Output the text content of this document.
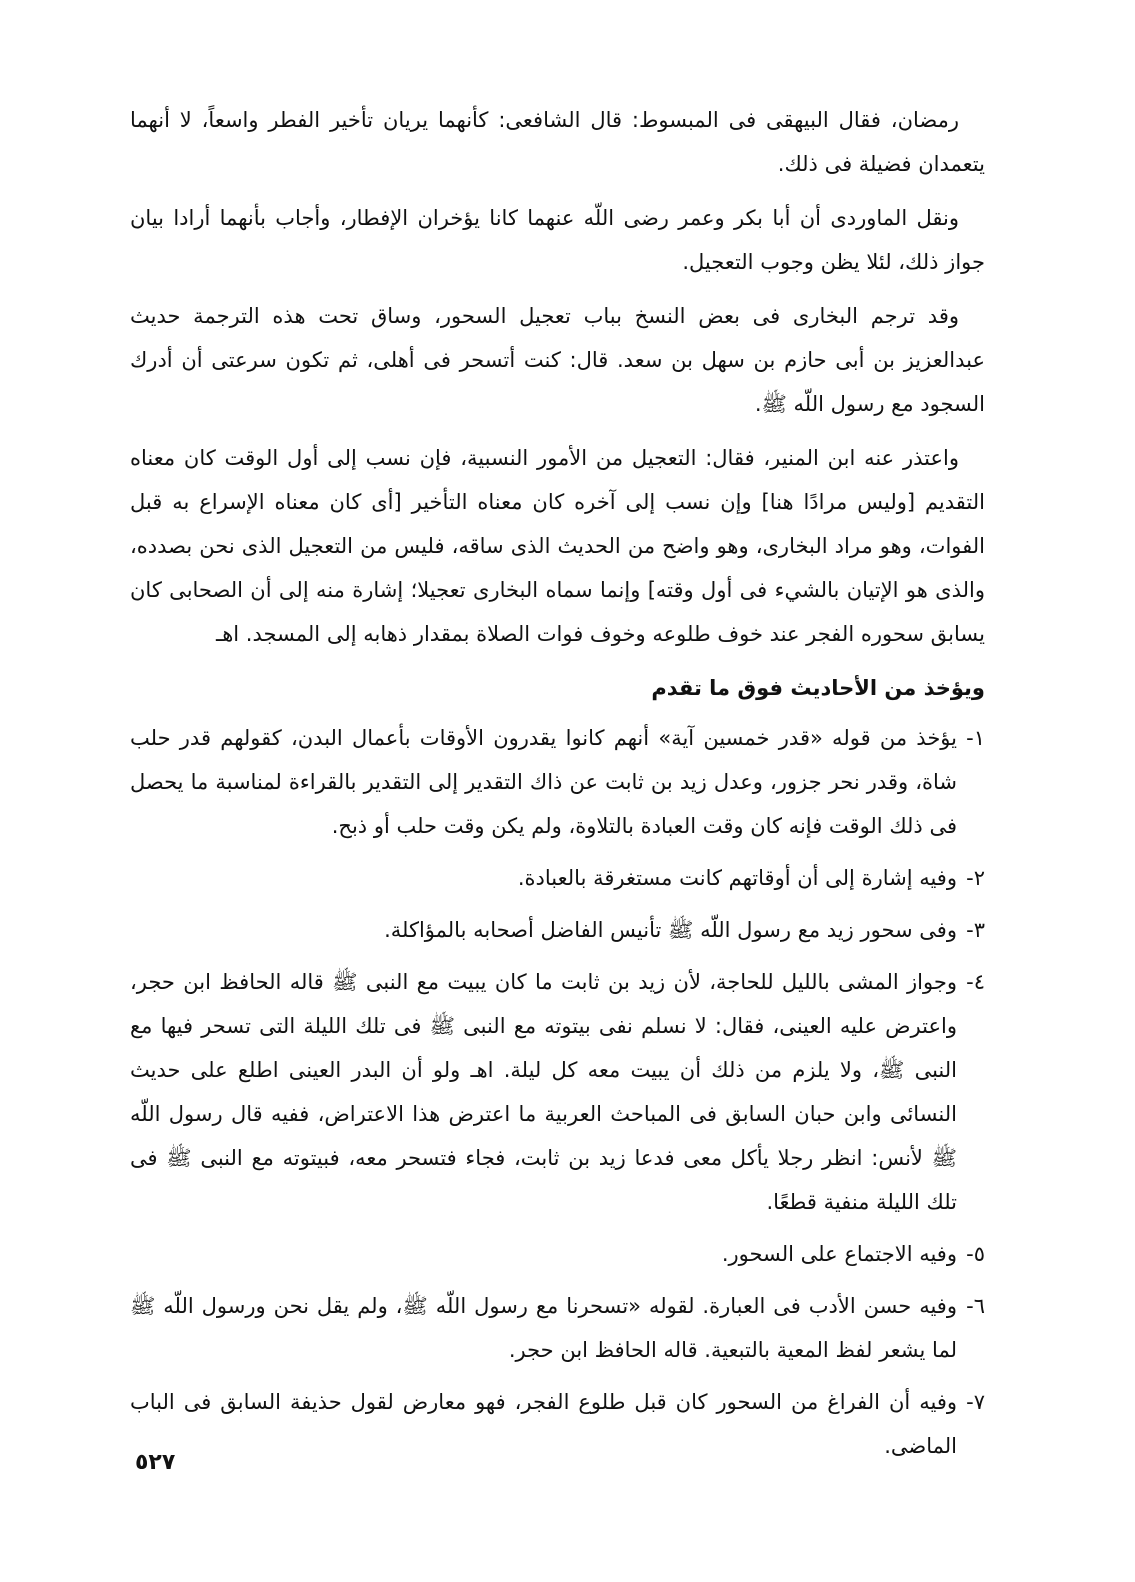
رمضان، فقال البيهقى فى المبسوط: قال الشافعى: كأنهما يريان تأخير الفطر واسعاً، لا أنهما يتعمدان فضيلة فى ذلك.

ونقل الماوردى أن أبا بكر وعمر رضى اللّه عنهما كانا يؤخران الإفطار، وأجاب بأنهما أرادا بيان جواز ذلك، لئلا يظن وجوب التعجيل.

وقد ترجم البخارى فى بعض النسخ بباب تعجيل السحور، وساق تحت هذه الترجمة حديث عبدالعزيز بن أبى حازم بن سهل بن سعد. قال: كنت أتسحر فى أهلى، ثم تكون سرعتى أن أدرك السجود مع رسول اللّه ﷺ.

واعتذر عنه ابن المنير، فقال: التعجيل من الأمور النسبية، فإن نسب إلى أول الوقت كان معناه التقديم [وليس مرادًا هنا] وإن نسب إلى آخره كان معناه التأخير [أى كان معناه الإسراع به قبل الفوات، وهو مراد البخارى، وهو واضح من الحديث الذى ساقه، فليس من التعجيل الذى نحن بصدده، والذى هو الإتيان بالشيء فى أول وقته] وإنما سماه البخارى تعجيلا؛ إشارة منه إلى أن الصحابى كان يسابق سحوره الفجر عند خوف طلوعه وخوف فوات الصلاة بمقدار ذهابه إلى المسجد. اهـ

ويؤخذ من الأحاديث فوق ما تقدم
١-يؤخذ من قوله «قدر خمسين آية» أنهم كانوا يقدرون الأوقات بأعمال البدن، كقولهم قدر حلب شاة، وقدر نحر جزور، وعدل زيد بن ثابت عن ذاك التقدير إلى التقدير بالقراءة لمناسبة ما يحصل فى ذلك الوقت فإنه كان وقت العبادة بالتلاوة، ولم يكن وقت حلب أو ذبح.
٢-وفيه إشارة إلى أن أوقاتهم كانت مستغرقة بالعبادة.
٣-وفى سحور زيد مع رسول اللّه ﷺ تأنيس الفاضل أصحابه بالمؤاكلة.
٤-وجواز المشى بالليل للحاجة، لأن زيد بن ثابت ما كان يبيت مع النبى ﷺ قاله الحافظ ابن حجر، واعترض عليه العينى، فقال: لا نسلم نفى بيتوته مع النبى ﷺ فى تلك الليلة التى تسحر فيها مع النبى ﷺ، ولا يلزم من ذلك أن يبيت معه كل ليلة. اهـ ولو أن البدر العينى اطلع على حديث النسائى وابن حبان السابق فى المباحث العربية ما اعترض هذا الاعتراض، ففيه قال رسول اللّه ﷺ لأنس: انظر رجلا يأكل معى فدعا زيد بن ثابت، فجاء فتسحر معه، فبيتوته مع النبى ﷺ فى تلك الليلة منفية قطعًا.
٥-وفيه الاجتماع على السحور.
٦-وفيه حسن الأدب فى العبارة. لقوله «تسحرنا مع رسول اللّه ﷺ، ولم يقل نحن ورسول اللّه ﷺ لما يشعر لفظ المعية بالتبعية. قاله الحافظ ابن حجر.
٧-وفيه أن الفراغ من السحور كان قبل طلوع الفجر، فهو معارض لقول حذيفة السابق فى الباب الماضى.
٥٢٧
